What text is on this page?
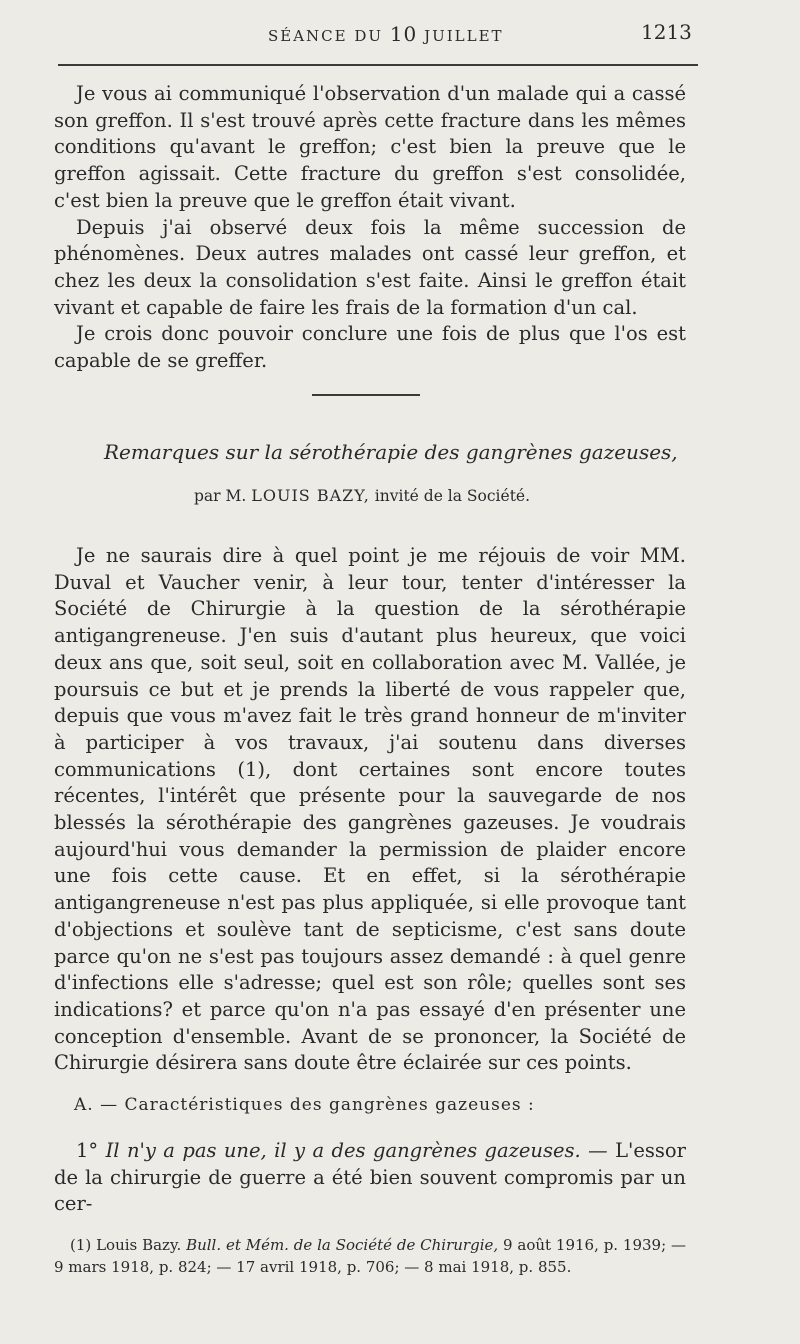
SÉANCE DU 10 JUILLET	1213

Je vous ai communiqué l'observation d'un malade qui a cassé son greffon. Il s'est trouvé après cette fracture dans les mêmes conditions qu'avant le greffon; c'est bien la preuve que le greffon agissait. Cette fracture du greffon s'est consolidée, c'est bien la preuve que le greffon était vivant.

Depuis j'ai observé deux fois la même succession de phénomènes. Deux autres malades ont cassé leur greffon, et chez les deux la consolidation s'est faite. Ainsi le greffon était vivant et capable de faire les frais de la formation d'un cal.

Je crois donc pouvoir conclure une fois de plus que l'os est capable de se greffer.

Remarques sur la sérothérapie des gangrènes gazeuses,
par M. LOUIS BAZY, invité de la Société.

Je ne saurais dire à quel point je me réjouis de voir MM. Duval et Vaucher venir, à leur tour, tenter d'intéresser la Société de Chirurgie à la question de la sérothérapie antigangreneuse. J'en suis d'autant plus heureux, que voici deux ans que, soit seul, soit en collaboration avec M. Vallée, je poursuis ce but et je prends la liberté de vous rappeler que, depuis que vous m'avez fait le très grand honneur de m'inviter à participer à vos travaux, j'ai soutenu dans diverses communications (1), dont certaines sont encore toutes récentes, l'intérêt que présente pour la sauvegarde de nos blessés la sérothérapie des gangrènes gazeuses. Je voudrais aujourd'hui vous demander la permission de plaider encore une fois cette cause. Et en effet, si la sérothérapie antigangreneuse n'est pas plus appliquée, si elle provoque tant d'objections et soulève tant de septicisme, c'est sans doute parce qu'on ne s'est pas toujours assez demandé : à quel genre d'infections elle s'adresse; quel est son rôle; quelles sont ses indications? et parce qu'on n'a pas essayé d'en présenter une conception d'ensemble. Avant de se prononcer, la Société de Chirurgie désirera sans doute être éclairée sur ces points.

A. — Caractéristiques des gangrènes gazeuses :

1° Il n'y a pas une, il y a des gangrènes gazeuses. — L'essor de la chirurgie de guerre a été bien souvent compromis par un cer-

(1) Louis Bazy. Bull. et Mém. de la Société de Chirurgie, 9 août 1916, p. 1939; — 9 mars 1918, p. 824; — 17 avril 1918, p. 706; — 8 mai 1918, p. 855.
